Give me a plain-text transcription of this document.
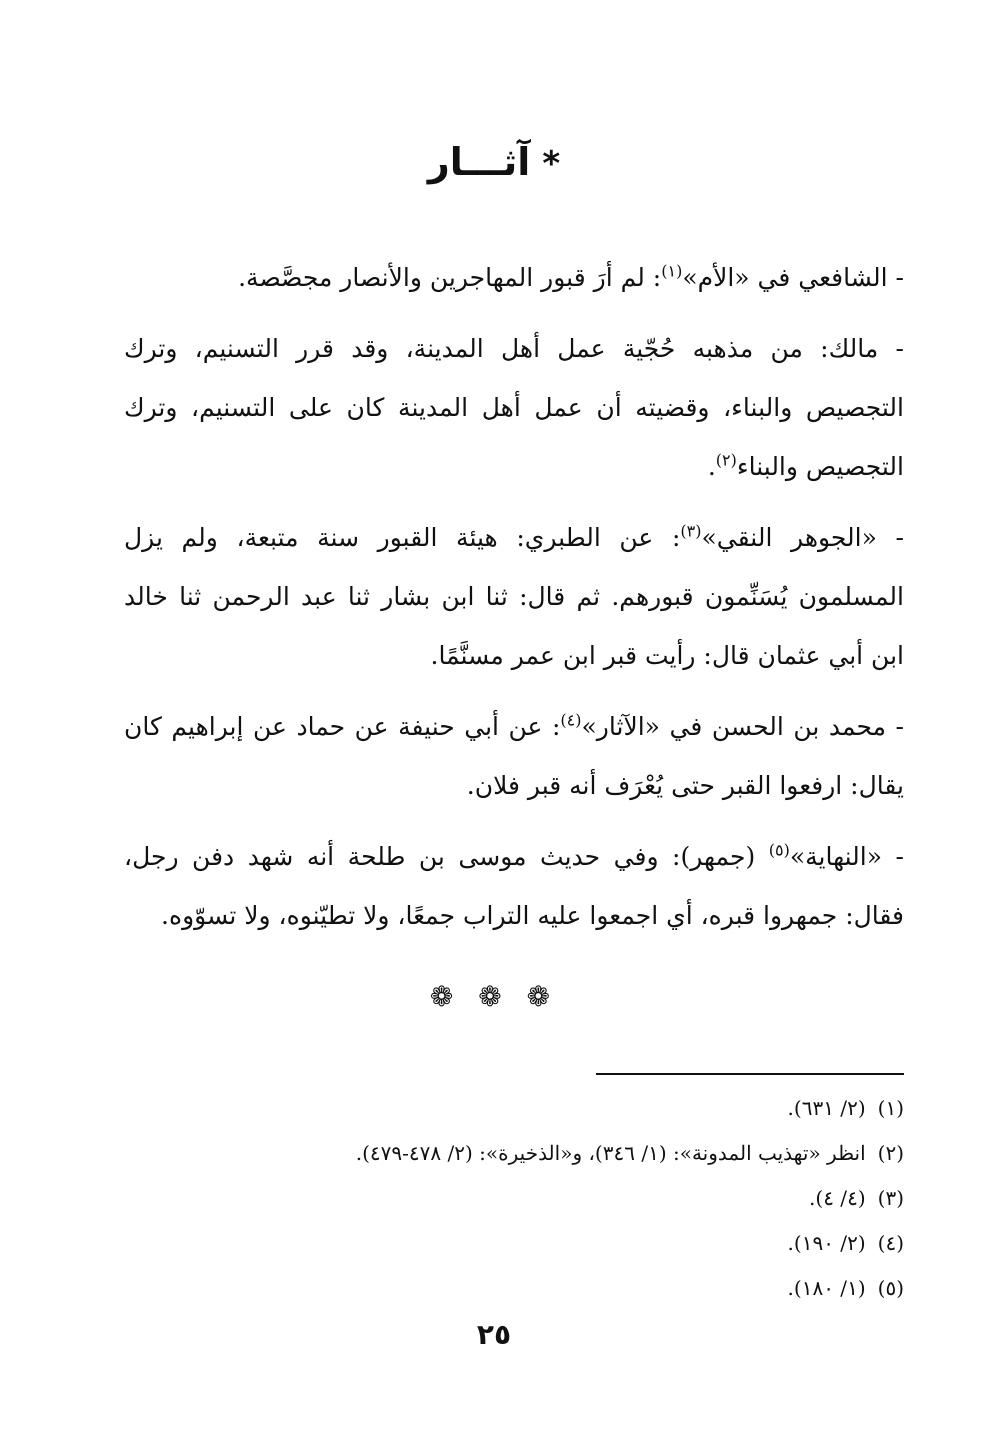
*آثـــار

- الشافعي في «الأم»$^{(١)}$: لم أرَ قبور المهاجرين والأنصار مجصَّصة.

- مالك: من مذهبه حُجّية عمل أهل المدينة، وقد قرر التسنيم، وترك التجصيص والبناء، وقضيته أن عمل أهل المدينة كان على التسنيم، وترك التجصيص والبناء$^{(٢)}$.

- «الجوهر النقي»$^{(٣)}$: عن الطبري: هيئة القبور سنة متبعة، ولم يزل المسلمون يُسَنِّمون قبورهم. ثم قال: ثنا ابن بشار ثنا عبد الرحمن ثنا خالد ابن أبي عثمان قال: رأيت قبر ابن عمر مسنَّمًا.

- محمد بن الحسن في «الآثار»$^{(٤)}$: عن أبي حنيفة عن حماد عن إبراهيم كان يقال: ارفعوا القبر حتى يُعْرَف أنه قبر فلان.

- «النهاية»$^{(٥)}$ (جمهر): وفي حديث موسى بن طلحة أنه شهد دفن رجل، فقال: جمهروا قبره، أي اجمعوا عليه التراب جمعًا، ولا تطيّنوه، ولا تسوّوه.

❁ ❁ ❁
(١)(٢/ ٦٣١).
(٢)انظر «تهذيب المدونة»: (١/ ٣٤٦)، و«الذخيرة»: (٢/ ٤٧٨-٤٧٩).
(٣)(٤/ ٤).
(٤)(٢/ ١٩٠).
(٥)(١/ ١٨٠).
٢٥
